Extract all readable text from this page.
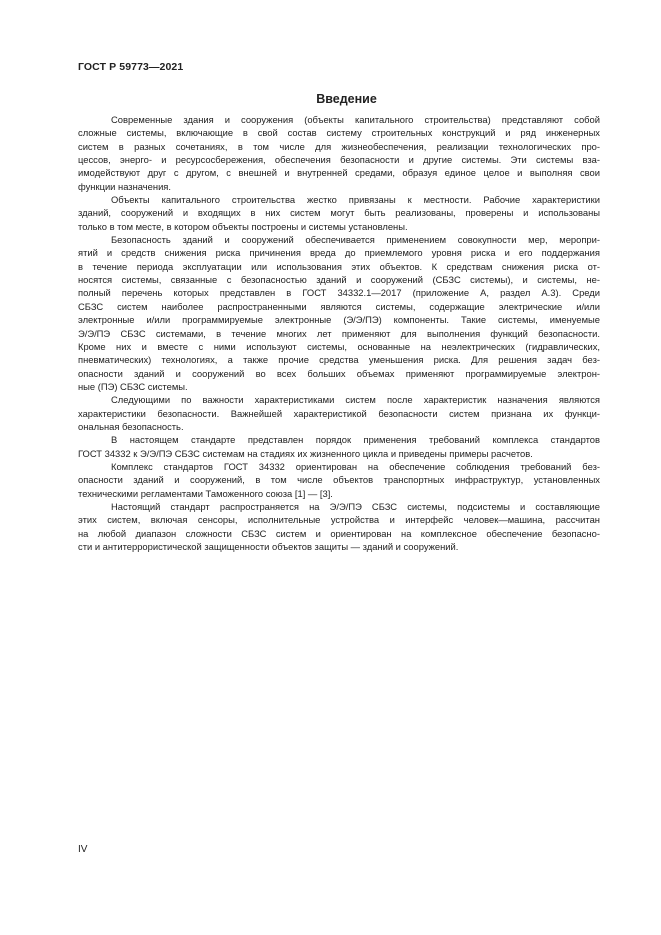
ГОСТ Р 59773—2021
Введение
Современные здания и сооружения (объекты капитального строительства) представляют собой
сложные системы, включающие в свой состав систему строительных конструкций и ряд инженерных
систем в разных сочетаниях, в том числе для жизнеобеспечения, реализации технологических про-
цессов, энерго- и ресурсосбережения, обеспечения безопасности и другие системы. Эти системы вза-
имодействуют друг с другом, с внешней и внутренней средами, образуя единое целое и выполняя свои
функции назначения.
Объекты капитального строительства жестко привязаны к местности. Рабочие характеристики
зданий, сооружений и входящих в них систем могут быть реализованы, проверены и использованы
только в том месте, в котором объекты построены и системы установлены.
Безопасность зданий и сооружений обеспечивается применением совокупности мер, меропри-
ятий и средств снижения риска причинения вреда до приемлемого уровня риска и его поддержания
в течение периода эксплуатации или использования этих объектов. К средствам снижения риска от-
носятся системы, связанные с безопасностью зданий и сооружений (СБЗС системы), и системы, не-
полный перечень которых представлен в ГОСТ 34332.1—2017 (приложение А, раздел А.3). Среди
СБЗС систем наиболее распространенными являются системы, содержащие электрические и/или
электронные и/или программируемые электронные (Э/Э/ПЭ) компоненты. Такие системы, именуемые
Э/Э/ПЭ СБЗС системами, в течение многих лет применяют для выполнения функций безопасности.
Кроме них и вместе с ними используют системы, основанные на неэлектрических (гидравлических,
пневматических) технологиях, а также прочие средства уменьшения риска. Для решения задач без-
опасности зданий и сооружений во всех больших объемах применяют программируемые электрон-
ные (ПЭ) СБЗС системы.
Следующими по важности характеристиками систем после характеристик назначения являются
характеристики безопасности. Важнейшей характеристикой безопасности систем признана их функци-
ональная безопасность.
В настоящем стандарте представлен порядок применения требований комплекса стандартов
ГОСТ 34332 к Э/Э/ПЭ СБЗС системам на стадиях их жизненного цикла и приведены примеры расчетов.
Комплекс стандартов ГОСТ 34332 ориентирован на обеспечение соблюдения требований без-
опасности зданий и сооружений, в том числе объектов транспортных инфраструктур, установленных
техническими регламентами Таможенного союза [1] — [3].
Настоящий стандарт распространяется на Э/Э/ПЭ СБЗС системы, подсистемы и составляющие
этих систем, включая сенсоры, исполнительные устройства и интерфейс человек—машина, рассчитан
на любой диапазон сложности СБЗС систем и ориентирован на комплексное обеспечение безопасно-
сти и антитеррористической защищенности объектов защиты — зданий и сооружений.
IV
